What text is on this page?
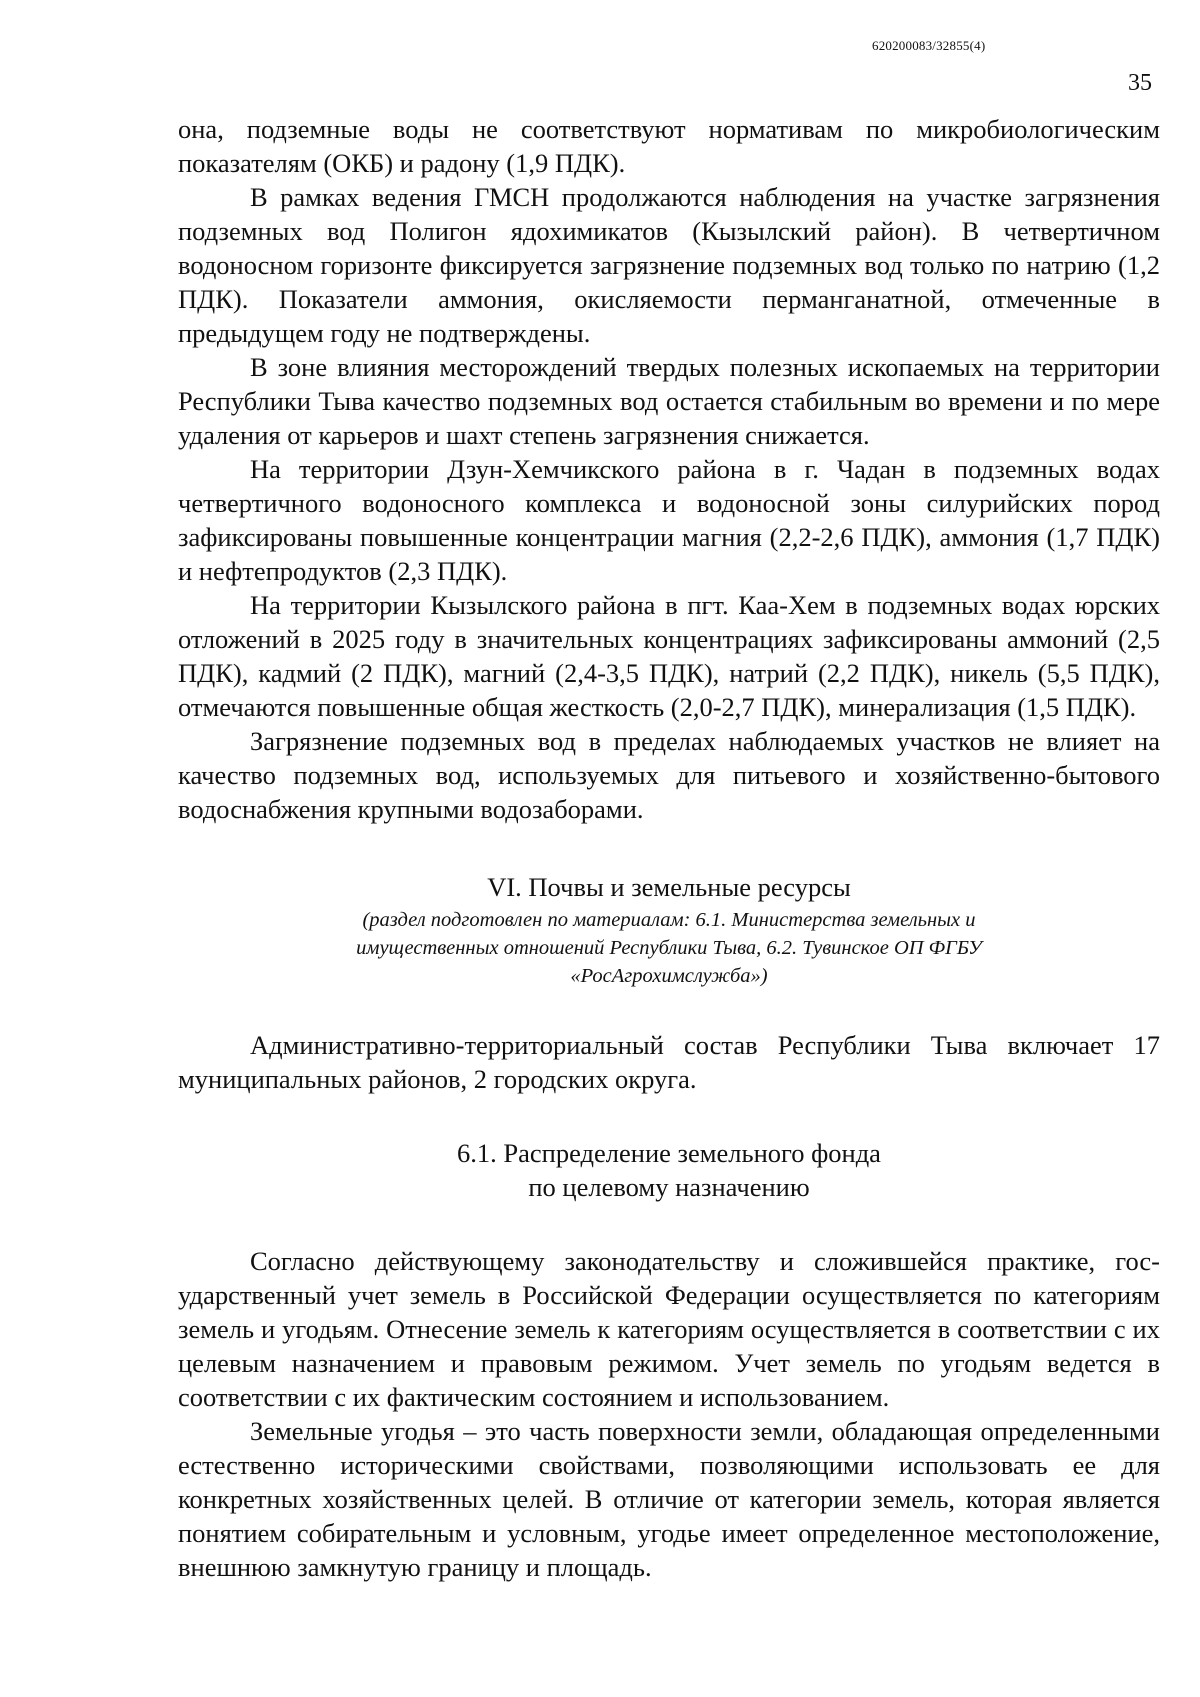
620200083/32855(4)
35

она, подземные воды не соответствуют нормативам по микробиологическим показателям (ОКБ) и радону (1,9 ПДК).

В рамках ведения ГМСН продолжаются наблюдения на участке загрязнения подземных вод Полигон ядохимикатов (Кызылский район). В четвертичном водоносном горизонте фиксируется загрязнение подземных вод только по натрию (1,2 ПДК). Показатели аммония, окисляемости перманганатной, отмеченные в предыдущем году не подтверждены.

В зоне влияния месторождений твердых полезных ископаемых на территории Республики Тыва качество подземных вод остается стабильным во времени и по мере удаления от карьеров и шахт степень загрязнения снижается.

На территории Дзун-Хемчикского района в г. Чадан в подземных водах четвертичного водоносного комплекса и водоносной зоны силурийских пород зафиксированы повышенные концентрации магния (2,2-2,6 ПДК), аммония (1,7 ПДК) и нефтепродуктов (2,3 ПДК).

На территории Кызылского района в пгт. Каа-Хем в подземных водах юрских отложений в 2025 году в значительных концентрациях зафиксированы аммоний (2,5 ПДК), кадмий (2 ПДК), магний (2,4-3,5 ПДК), натрий (2,2 ПДК), никель (5,5 ПДК), отмечаются повышенные общая жесткость (2,0-2,7 ПДК), минерализация (1,5 ПДК).

Загрязнение подземных вод в пределах наблюдаемых участков не влияет на качество подземных вод, используемых для питьевого и хозяйственно-бытового водоснабжения крупными водозаборами.

VI. Почвы и земельные ресурсы
(раздел подготовлен по материалам: 6.1. Министерства земельных и имущественных отношений Республики Тыва, 6.2. Тувинское ОП ФГБУ «РосАгрохимслужба»)

Административно-территориальный состав Республики Тыва включает 17 муниципальных районов, 2 городских округа.

6.1. Распределение земельного фонда
по целевому назначению

Согласно действующему законодательству и сложившейся практике, государственный учет земель в Российской Федерации осуществляется по категориям земель и угодьям. Отнесение земель к категориям осуществляется в соответствии с их целевым назначением и правовым режимом. Учет земель по угодьям ведется в соответствии с их фактическим состоянием и использованием.

Земельные угодья – это часть поверхности земли, обладающая определенными естественно историческими свойствами, позволяющими использовать ее для конкретных хозяйственных целей. В отличие от категории земель, которая является понятием собирательным и условным, угодье имеет определенное местоположение, внешнюю замкнутую границу и площадь.
